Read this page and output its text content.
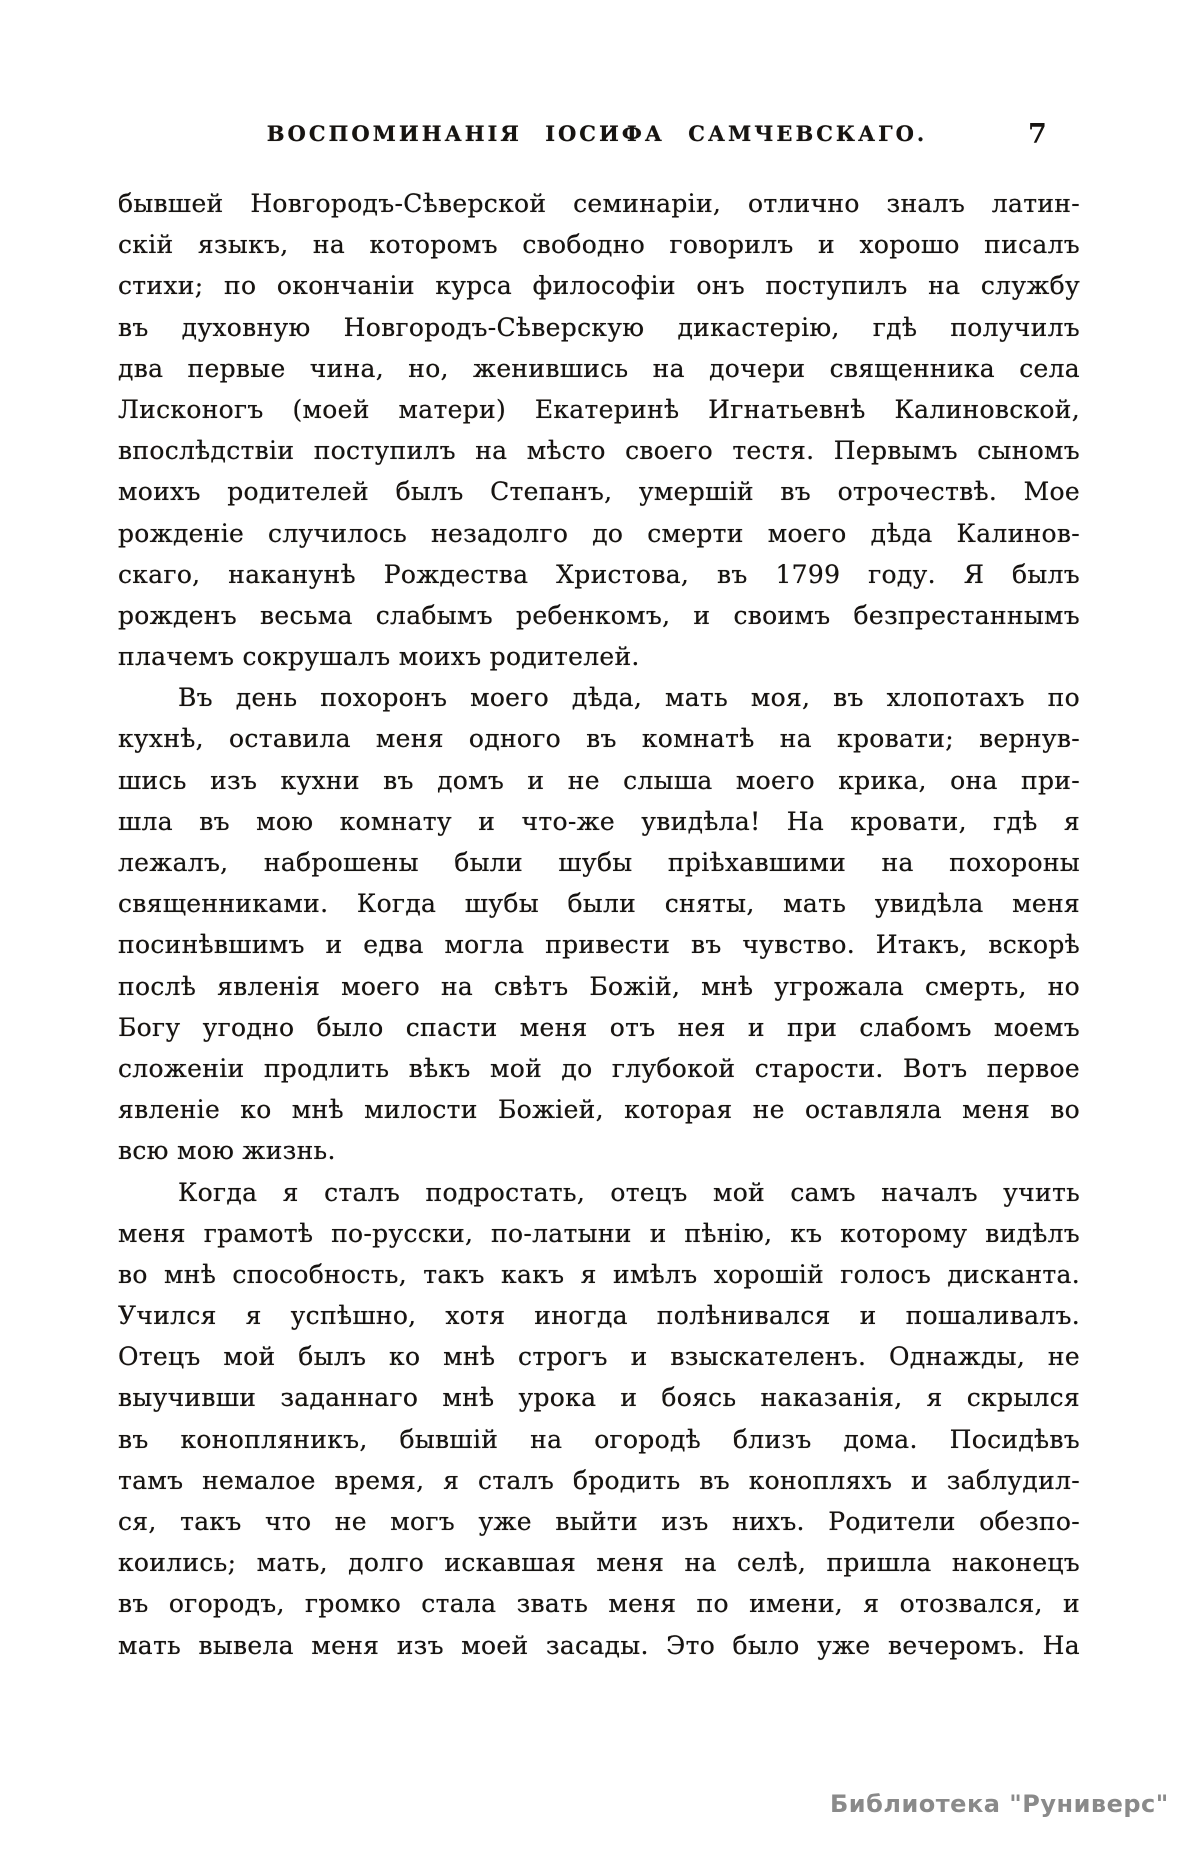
ВОСПОМИНАНІЯ ІОСИФА САМЧЕВСКАГО.	7
бывшей Новгородъ-Сѣверской семинаріи, отлично зналъ латин-
скій языкъ, на которомъ свободно говорилъ и хорошо писалъ
стихи; по окончаніи курса философіи онъ поступилъ на службу
въ духовную Новгородъ-Сѣверскую дикастерію, гдѣ получилъ
два первые чина, но, женившись на дочери священника села
Лисконогъ (моей матери) Екатеринѣ Игнатьевнѣ Калиновской,
впослѣдствіи поступилъ на мѣсто своего тестя. Первымъ сыномъ
моихъ родителей былъ Степанъ, умершій въ отрочествѣ. Мое
рожденіе случилось незадолго до смерти моего дѣда Калинов-
скаго, наканунѣ Рождества Христова, въ 1799 году. Я былъ
рожденъ весьма слабымъ ребенкомъ, и своимъ безпрестаннымъ
плачемъ сокрушалъ моихъ родителей.
Въ день похоронъ моего дѣда, мать моя, въ хлопотахъ по
кухнѣ, оставила меня одного въ комнатѣ на кровати; вернув-
шись изъ кухни въ домъ и не слыша моего крика, она при-
шла въ мою комнату и что-же увидѣла! На кровати, гдѣ я
лежалъ, наброшены были шубы пріѣхавшими на похороны
священниками. Когда шубы были сняты, мать увидѣла меня
посинѣвшимъ и едва могла привести въ чувство. Итакъ, вскорѣ
послѣ явленія моего на свѣтъ Божій, мнѣ угрожала смерть, но
Богу угодно было спасти меня отъ нея и при слабомъ моемъ
сложеніи продлить вѣкъ мой до глубокой старости. Вотъ первое
явленіе ко мнѣ милости Божіей, которая не оставляла меня во
всю мою жизнь.
Когда я сталъ подростать, отецъ мой самъ началъ учить
меня грамотѣ по-русски, по-латыни и пѣнію, къ которому видѣлъ
во мнѣ способность, такъ какъ я имѣлъ хорошій голосъ дисканта.
Учился я успѣшно, хотя иногда полѣнивался и пошаливалъ.
Отецъ мой былъ ко мнѣ строгъ и взыскателенъ. Однажды, не
выучивши заданнаго мнѣ урока и боясь наказанія, я скрылся
въ конопляникъ, бывшій на огородѣ близъ дома. Посидѣвъ
тамъ немалое время, я сталъ бродить въ конопляхъ и заблудил-
ся, такъ что не могъ уже выйти изъ нихъ. Родители обезпо-
коились; мать, долго искавшая меня на селѣ, пришла наконецъ
въ огородъ, громко стала звать меня по имени, я отозвался, и
мать вывела меня изъ моей засады. Это было уже вечеромъ. На
Библиотека "Руниверс"
